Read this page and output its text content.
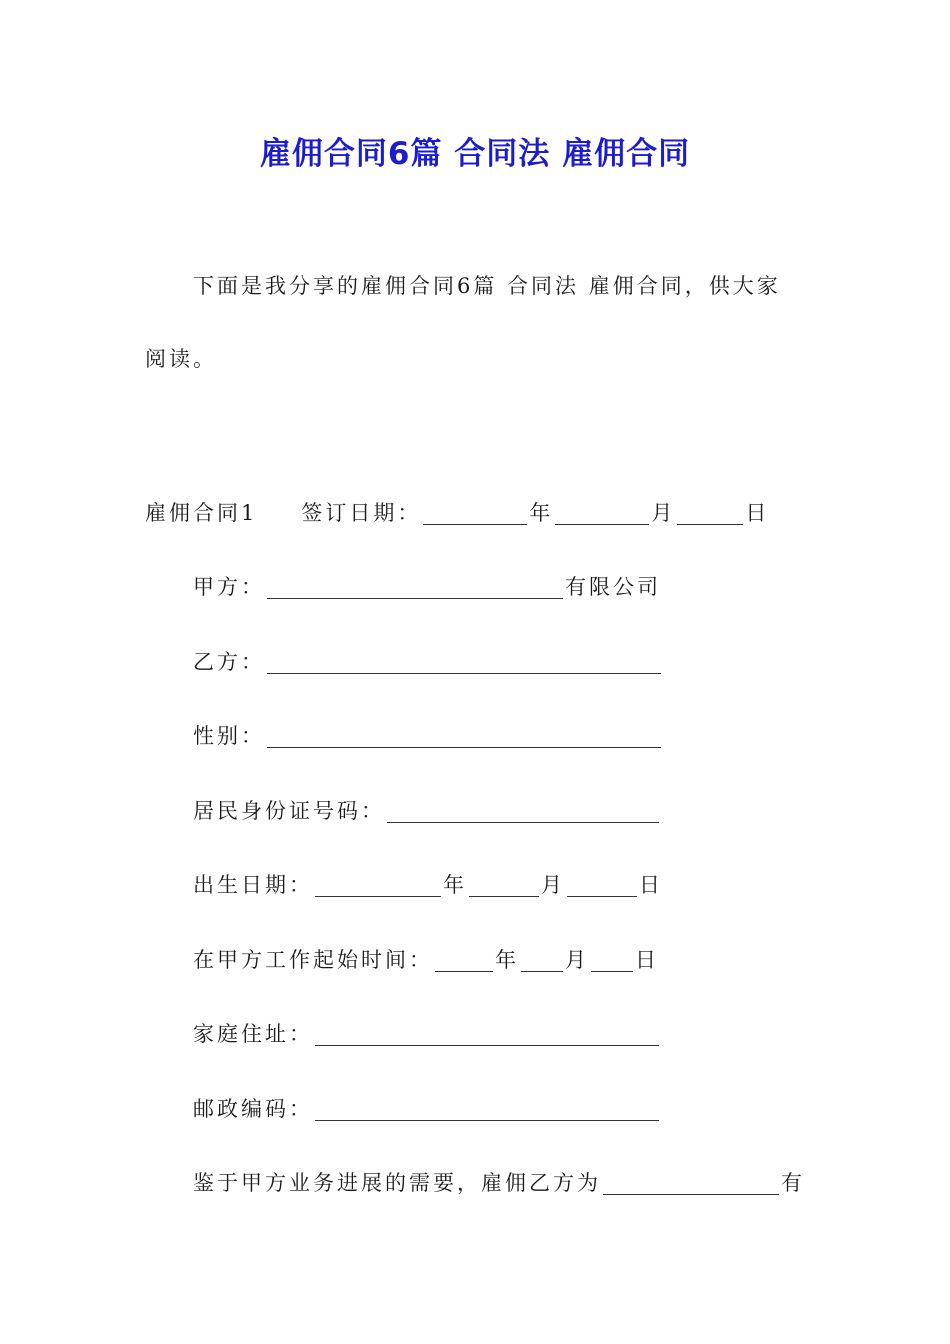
雇佣合同6篇 合同法 雇佣合同
下面是我分享的雇佣合同6篇 合同法 雇佣合同，供大家
阅读。
雇佣合同1 签订日期：	年	月	日
甲方：	有限公司
乙方：
性别：
居民身份证号码：
出生日期：	年	月	日
在甲方工作起始时间：	年 月 日
家庭住址：
邮政编码：
鉴于甲方业务进展的需要，雇佣乙方为	有
